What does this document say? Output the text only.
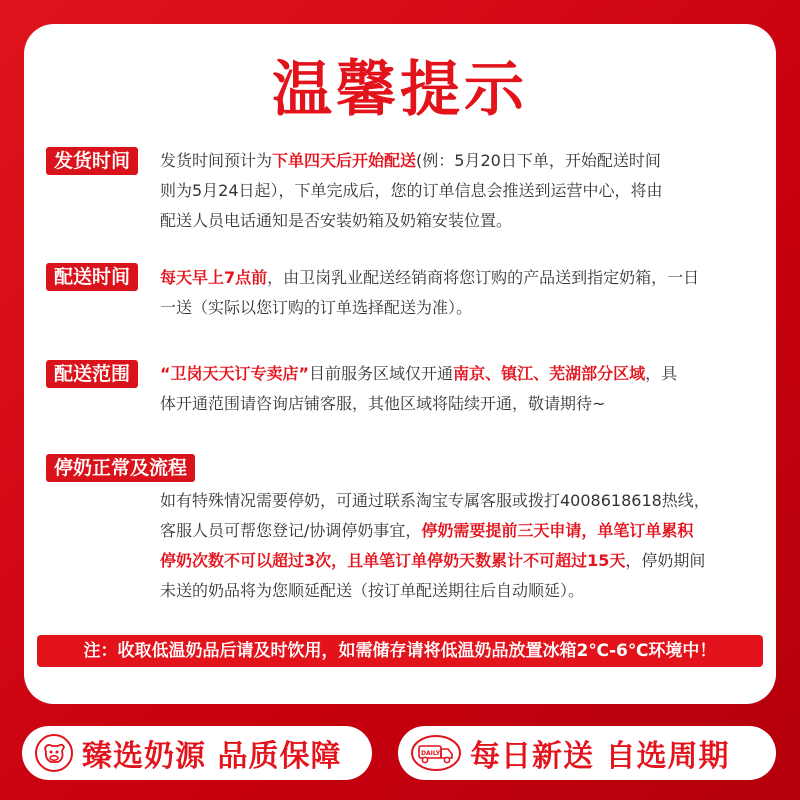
温馨提示
发货时间	发货时间预计为下单四天后开始配送(例：5月20日下单，开始配送时间
则为5月24日起），下单完成后，您的订单信息会推送到运营中心，将由
配送人员电话通知是否安装奶箱及奶箱安装位置。
配送时间	每天早上7点前，由卫岗乳业配送经销商将您订购的产品送到指定奶箱，一日
一送（实际以您订购的订单选择配送为准）。
配送范围	“卫岗天天订专卖店”目前服务区域仅开通南京、镇江、芜湖部分区域，具
体开通范围请咨询店铺客服，其他区域将陆续开通，敬请期待~
停奶正常及流程
如有特殊情况需要停奶，可通过联系淘宝专属客服或拨打4008618618热线，
客服人员可帮您登记/协调停奶事宜，停奶需要提前三天申请，单笔订单累积
停奶次数不可以超过3次，且单笔订单停奶天数累计不可超过15天，停奶期间
未送的奶品将为您顺延配送（按订单配送期往后自动顺延）。
注：收取低温奶品后请及时饮用，如需储存请将低温奶品放置冰箱2℃-6℃环境中！
臻选奶源 品质保障	DAILY 每日新送 自选周期
